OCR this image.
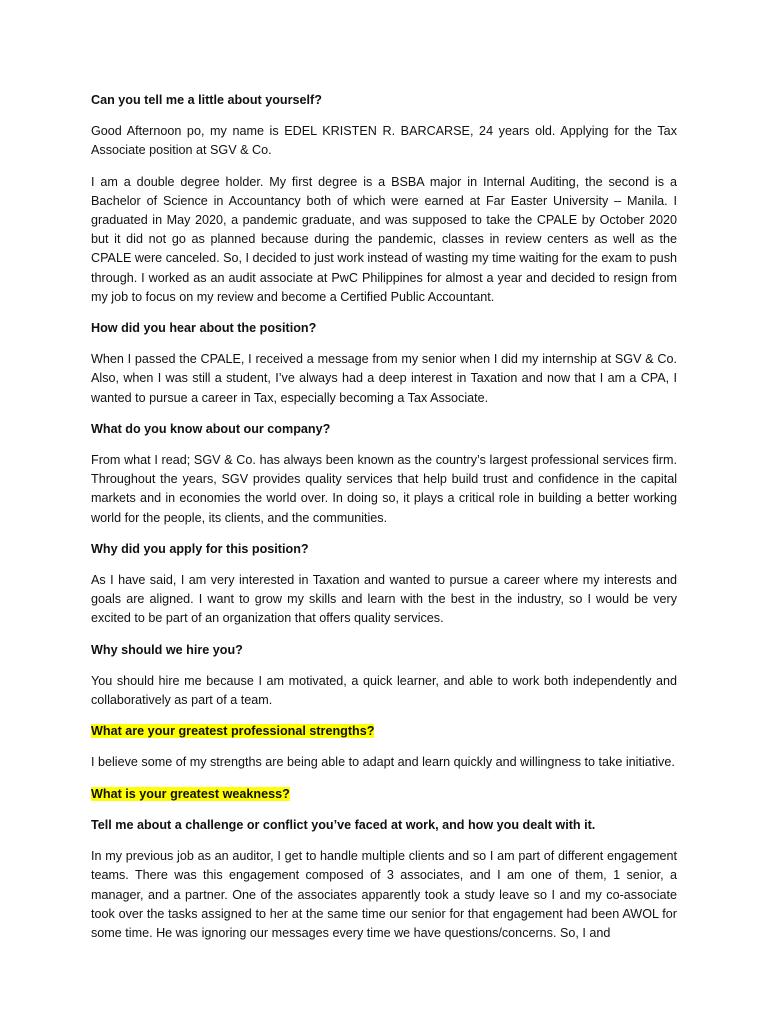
Can you tell me a little about yourself?

Good Afternoon po, my name is EDEL KRISTEN R. BARCARSE, 24 years old. Applying for the Tax Associate position at SGV & Co.

I am a double degree holder. My first degree is a BSBA major in Internal Auditing, the second is a Bachelor of Science in Accountancy both of which were earned at Far Easter University – Manila. I graduated in May 2020, a pandemic graduate, and was supposed to take the CPALE by October 2020 but it did not go as planned because during the pandemic, classes in review centers as well as the CPALE were canceled. So, I decided to just work instead of wasting my time waiting for the exam to push through. I worked as an audit associate at PwC Philippines for almost a year and decided to resign from my job to focus on my review and become a Certified Public Accountant.

How did you hear about the position?

When I passed the CPALE, I received a message from my senior when I did my internship at SGV & Co. Also, when I was still a student, I’ve always had a deep interest in Taxation and now that I am a CPA, I wanted to pursue a career in Tax, especially becoming a Tax Associate.

What do you know about our company?

From what I read; SGV & Co. has always been known as the country’s largest professional services firm. Throughout the years, SGV provides quality services that help build trust and confidence in the capital markets and in economies the world over. In doing so, it plays a critical role in building a better working world for the people, its clients, and the communities.

Why did you apply for this position?

As I have said, I am very interested in Taxation and wanted to pursue a career where my interests and goals are aligned. I want to grow my skills and learn with the best in the industry, so I would be very excited to be part of an organization that offers quality services.

Why should we hire you?

You should hire me because I am motivated, a quick learner, and able to work both independently and collaboratively as part of a team.

What are your greatest professional strengths?

I believe some of my strengths are being able to adapt and learn quickly and willingness to take initiative.

What is your greatest weakness?

Tell me about a challenge or conflict you’ve faced at work, and how you dealt with it.

In my previous job as an auditor, I get to handle multiple clients and so I am part of different engagement teams. There was this engagement composed of 3 associates, and I am one of them, 1 senior, a manager, and a partner. One of the associates apparently took a study leave so I and my co-associate took over the tasks assigned to her at the same time our senior for that engagement had been AWOL for some time. He was ignoring our messages every time we have questions/concerns. So, I and
